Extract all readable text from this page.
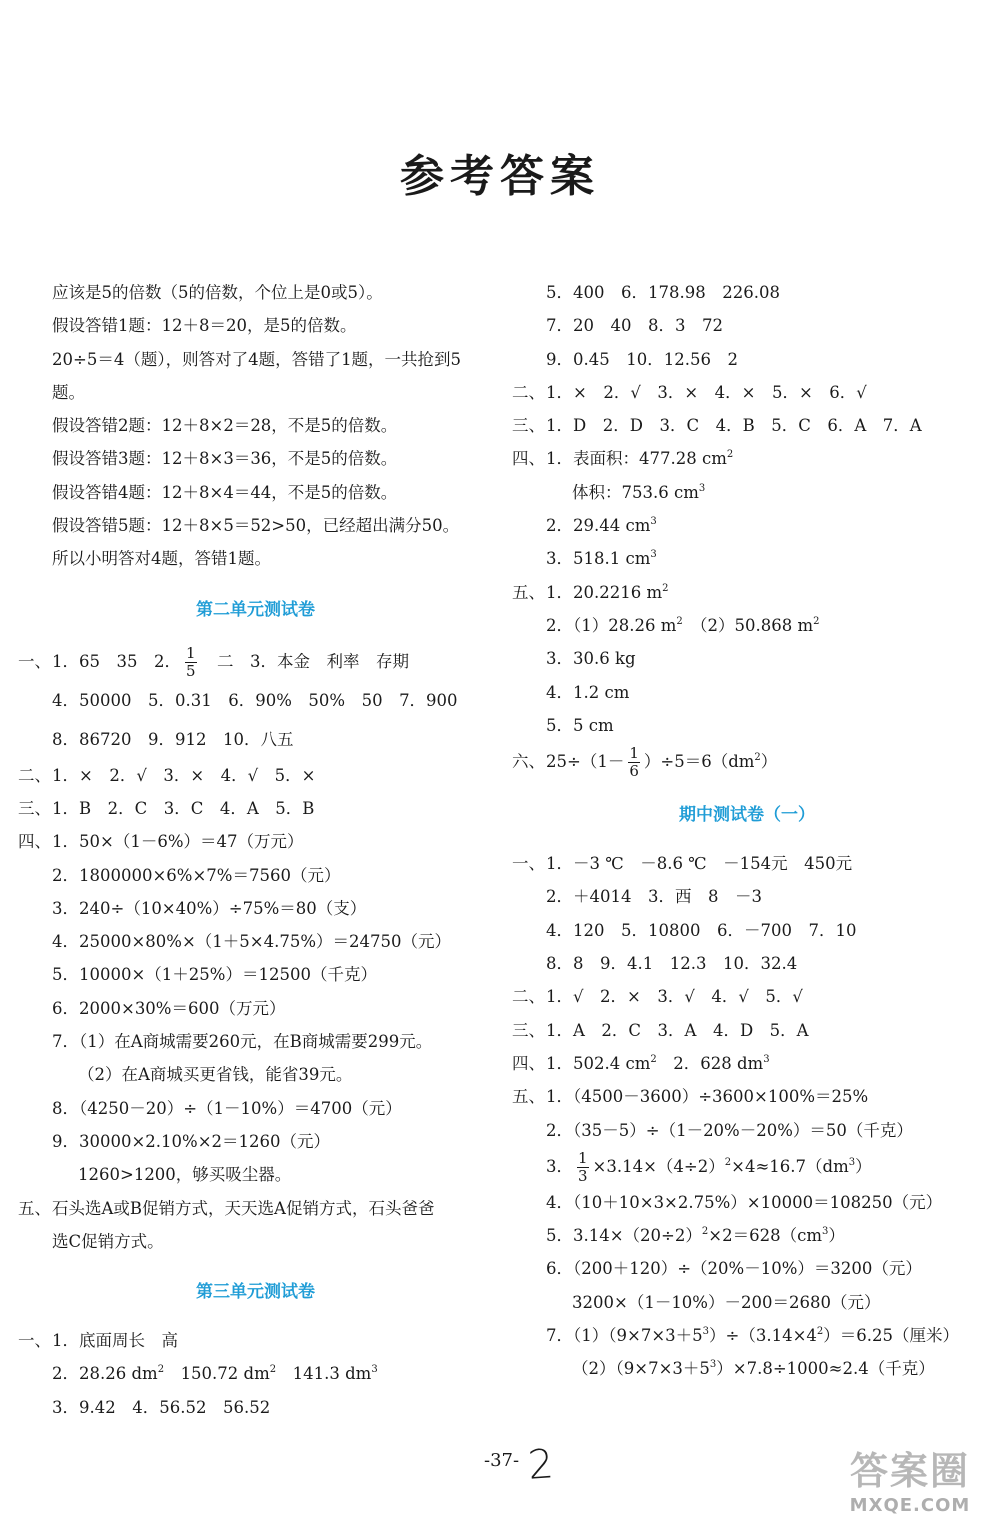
参考答案
应该是5的倍数（5的倍数，个位上是0或5）。
假设答错1题：12＋8＝20，是5的倍数。
20÷5＝4（题），则答对了4题，答错了1题，一共抢到5
题。
假设答错2题：12＋8×2＝28，不是5的倍数。
假设答错3题：12＋8×3＝36，不是5的倍数。
假设答错4题：12＋8×4＝44，不是5的倍数。
假设答错5题：12＋8×5＝52>50，已经超出满分50。
所以小明答对4题，答错1题。
第二单元测试卷
一、1．65　35　2． $\frac{1}{5}$ 　二　3．本金　利率　存期
4．50000　5．0.31　6．90%　50%　50　7．900
8．86720　9．912　10．八五
二、1．×　2．√　3．×　4．√　5．×
三、1．B　2．C　3．C　4．A　5．B
四、1．50×（1－6%）＝47（万元）
2．1800000×6%×7%＝7560（元）
3．240÷（10×40%）÷75%＝80（支）
4．25000×80%×（1＋5×4.75%）＝24750（元）
5．10000×（1＋25%）＝12500（千克）
6．2000×30%＝600（万元）
7．（1）在A商城需要260元，在B商城需要299元。
（2）在A商城买更省钱，能省39元。
8．（4250－20）÷（1－10%）＝4700（元）
9．30000×2.10%×2＝1260（元）
1260>1200，够买吸尘器。
五、石头选A或B促销方式，天天选A促销方式，石头爸爸
选C促销方式。
第三单元测试卷
一、1．底面周长　高
2．28.26 $dm^2$　150.72 $dm^2$　141.3 $dm^3$
3．9.42　4．56.52　56.52
5．400　6．178.98　226.08
7．20　40　8．3　72
9．0.45　10．12.56　2
二、1．×　2．√　3．×　4．×　5．×　6．√
三、1．D　2．D　3．C　4．B　5．C　6．A　7．A
四、1．表面积：477.28 $cm^2$
体积：753.6 $cm^3$
2．29.44 $cm^3$
3．518.1 $cm^3$
五、1．20.2216 $m^2$
2．（1）28.26 $m^2$　（2）50.868 $m^2$
3．30.6 kg
4．1.2 cm
5．5 cm
六、$25\div(1- \frac{1}{6} )\div 5=6(dm^2)$
期中测试卷（一）
一、1．－3 ℃　－8.6 ℃　－154元　450元
2．＋4014　3．西　8　－3
4．120　5．10800　6．－700　7．10
8．8　9．4.1　12.3　10．32.4
二、1．√　2．×　3．√　4．√　5．√
三、1．A　2．C　3．A　4．D　5．A
四、1．502.4 $cm^2$　2．628 $dm^3$
五、1．（4500－3600）÷3600×100%＝25%
2．（35－5）÷（1－20%－20%）＝50（千克）
3． $\frac{1}{3} \times 3.14\times(4\div 2)^2\times 4\approx 16.7(dm^3)$
4．（10＋10×3×2.75%）×10000＝108250（元）
5．$3.14\times(20\div 2)^2\times 2=628(cm^3)$
6．（200＋120）÷（20%－10%）＝3200（元）
3200×（1－10%）－200＝2680（元）
7．$(1)(9\times 7\times 3+5^3)\div(3.14\times 4^2)=6.25$（厘米）
$(2)(9\times 7\times 3+5^3)\times 7.8\div 1000\approx 2.4$（千克）
-37- 2	答案圈
MXQE.COM
